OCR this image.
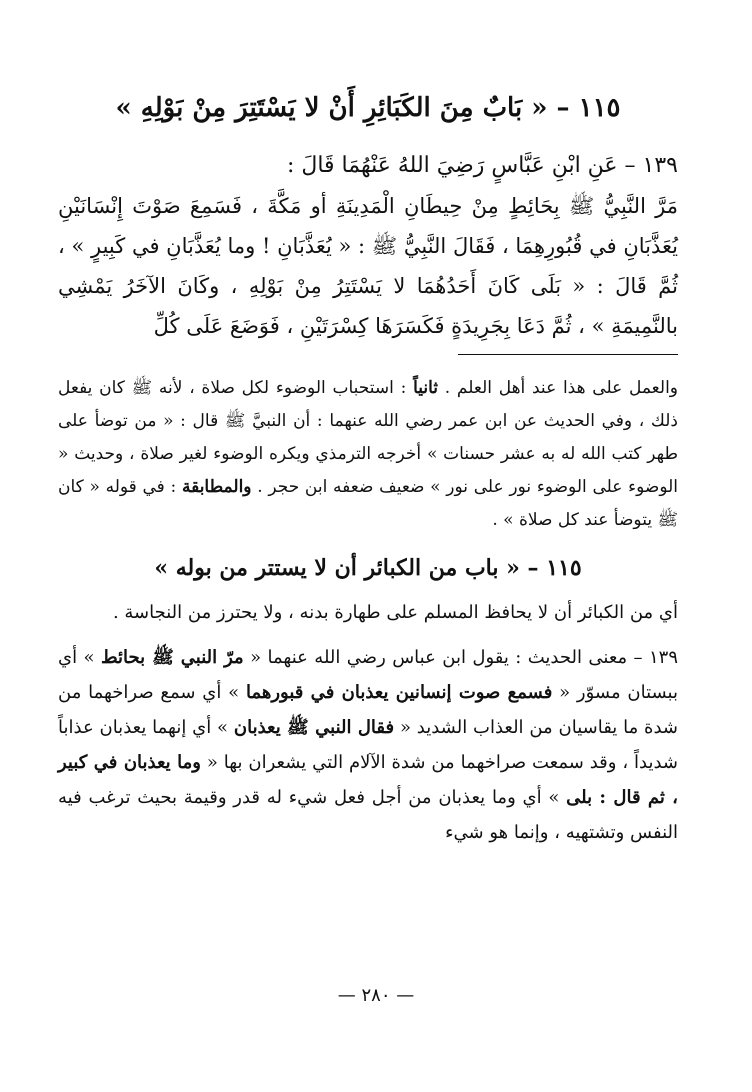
١١٥ – « بَابٌ مِنَ الكَبَائِرِ أَنْ لا يَسْتَتِرَ مِنْ بَوْلِهِ »

١٣٩ – عَنِ ابْنِ عَبَّاسٍ رَضِيَ اللهُ عَنْهُمَا قَالَ :

مَرَّ النَّبِيُّ ﷺ بِحَائِطٍ مِنْ حِيطَانِ الْمَدِينَةِ أو مَكَّةَ ، فَسَمِعَ صَوْتَ إِنْسَانَيْنِ يُعَذَّبَانِ في قُبُورِهِمَا ، فَقَالَ النَّبِيُّ ﷺ : « يُعَذَّبَانِ ! وما يُعَذَّبَانِ في كَبِيرٍ » ، ثُمَّ قَالَ : « بَلَى كَانَ أَحَدُهُمَا لا يَسْتَتِرُ مِنْ بَوْلِهِ ، وكَانَ الآخَرُ يَمْشِي بالنَّمِيمَةِ » ، ثُمَّ دَعَا بِجَرِيدَةٍ فَكَسَرَهَا كِسْرَتَيْنِ ، فَوَضَعَ عَلَى كُلِّ

والعمل على هذا عند أهل العلم . ثانياً : استحباب الوضوء لكل صلاة ، لأنه ﷺ كان يفعل ذلك ، وفي الحديث عن ابن عمر رضي الله عنهما : أن النبيَّ ﷺ قال : « من توضأ على طهر كتب الله له به عشر حسنات » أخرجه الترمذي ويكره الوضوء لغير صلاة ، وحديث « الوضوء على الوضوء نور على نور » ضعيف ضعفه ابن حجر . والمطابقة : في قوله « كان ﷺ يتوضأ عند كل صلاة » .

١١٥ – « باب من الكبائر أن لا يستتر من بوله »

أي من الكبائر أن لا يحافظ المسلم على طهارة بدنه ، ولا يحترز من النجاسة .

١٣٩ – معنى الحديث : يقول ابن عباس رضي الله عنهما « مرّ النبي ﷺ بحائط » أي ببستان مسوّر « فسمع صوت إنسانين يعذبان في قبورهما » أي سمع صراخهما من شدة ما يقاسيان من العذاب الشديد « فقال النبي ﷺ يعذبان » أي إنهما يعذبان عذاباً شديداً ، وقد سمعت صراخهما من شدة الآلام التي يشعران بها « وما يعذبان في كبير ، ثم قال : بلى » أي وما يعذبان من أجل فعل شيء له قدر وقيمة بحيث ترغب فيه النفس وتشتهيه ، وإنما هو شيء

— ٢٨٠ —
